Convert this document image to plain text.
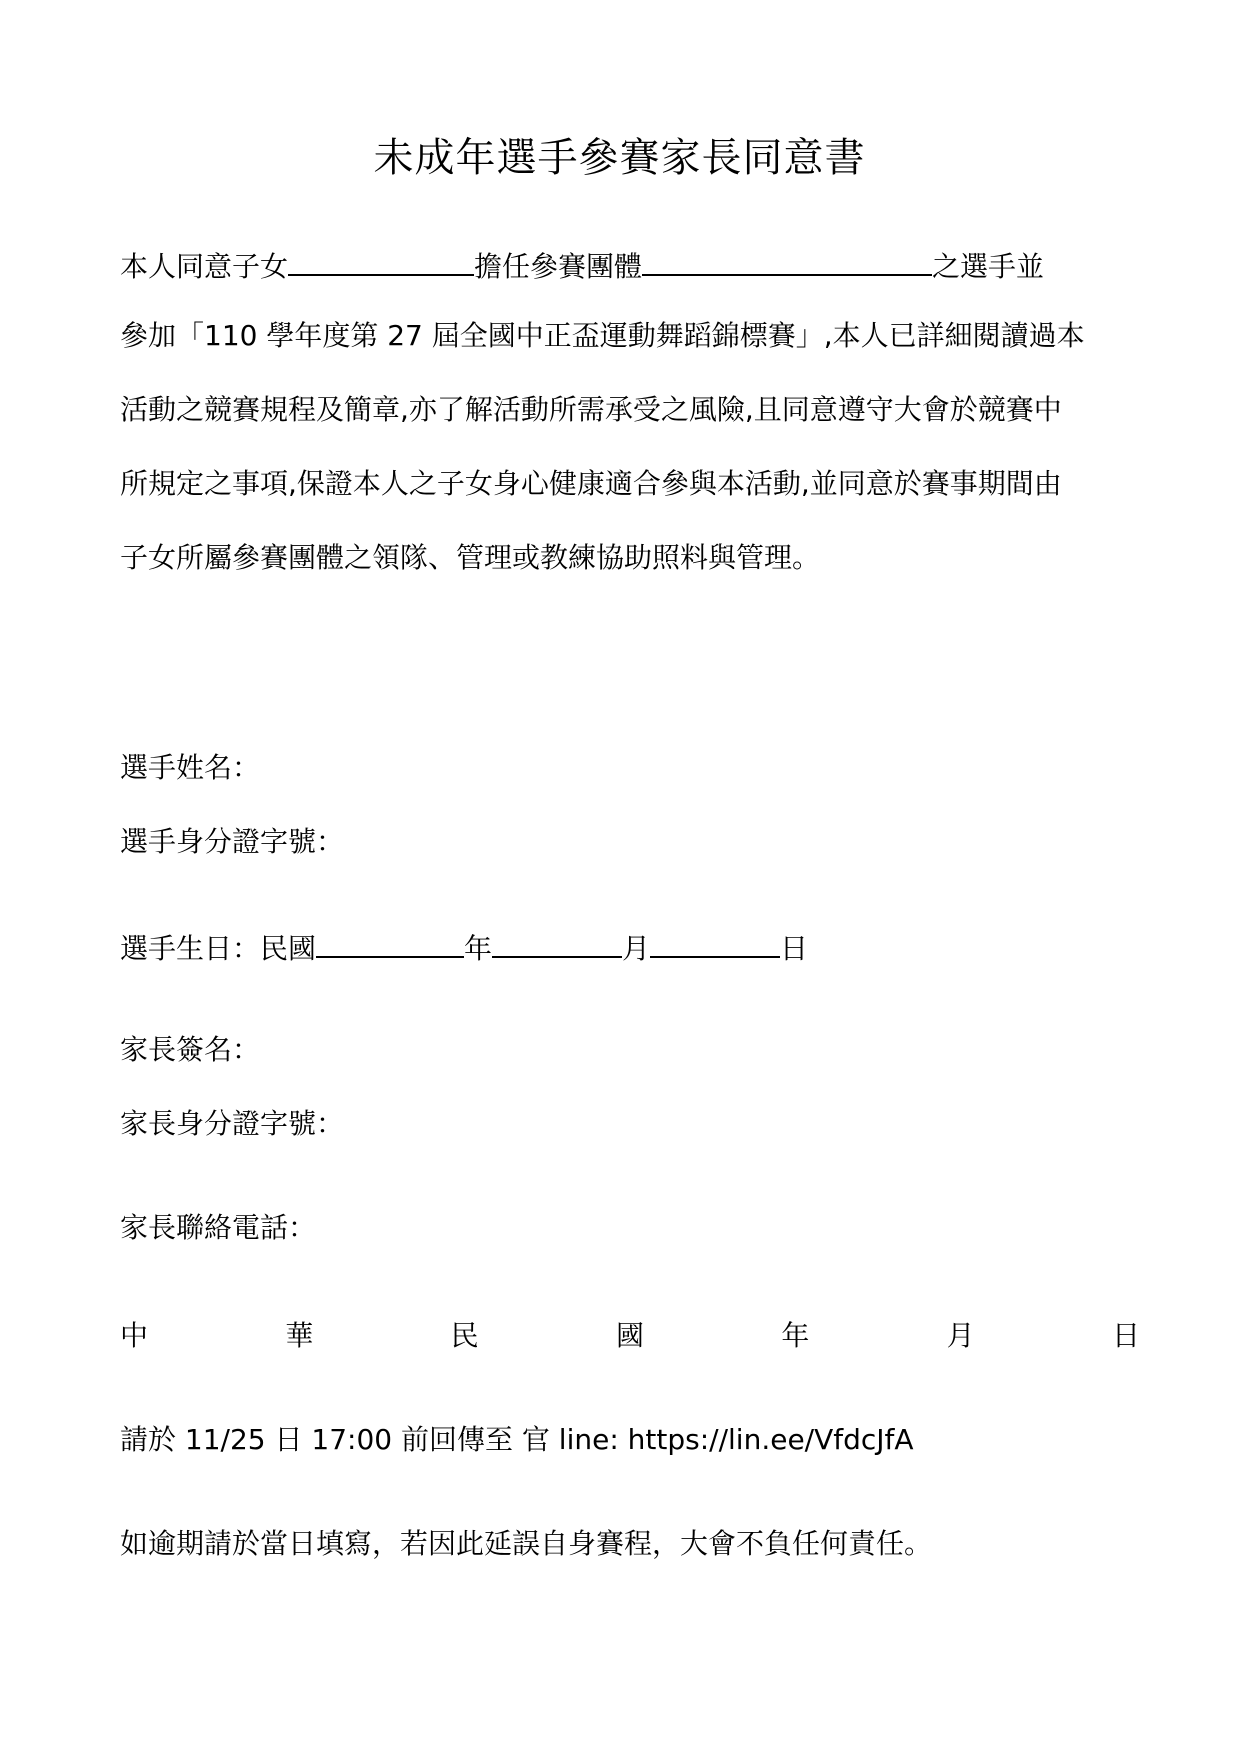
未成年選手參賽家長同意書
本人同意子女	擔任參賽團體	之選手並
參加「110 學年度第 27 屆全國中正盃運動舞蹈錦標賽」,本人已詳細閱讀過本
活動之競賽規程及簡章,亦了解活動所需承受之風險,且同意遵守大會於競賽中
所規定之事項,保證本人之子女身心健康適合參與本活動,並同意於賽事期間由
子女所屬參賽團體之領隊、管理或教練協助照料與管理。
選手姓名：
選手身分證字號：
選手生日：民國	年	月	日
家長簽名：
家長身分證字號：
家長聯絡電話：
中	華	民	國	年	月	日
請於 11/25 日 17:00 前回傳至 官 line: https://lin.ee/VfdcJfA
如逾期請於當日填寫，若因此延誤自身賽程，大會不負任何責任。
